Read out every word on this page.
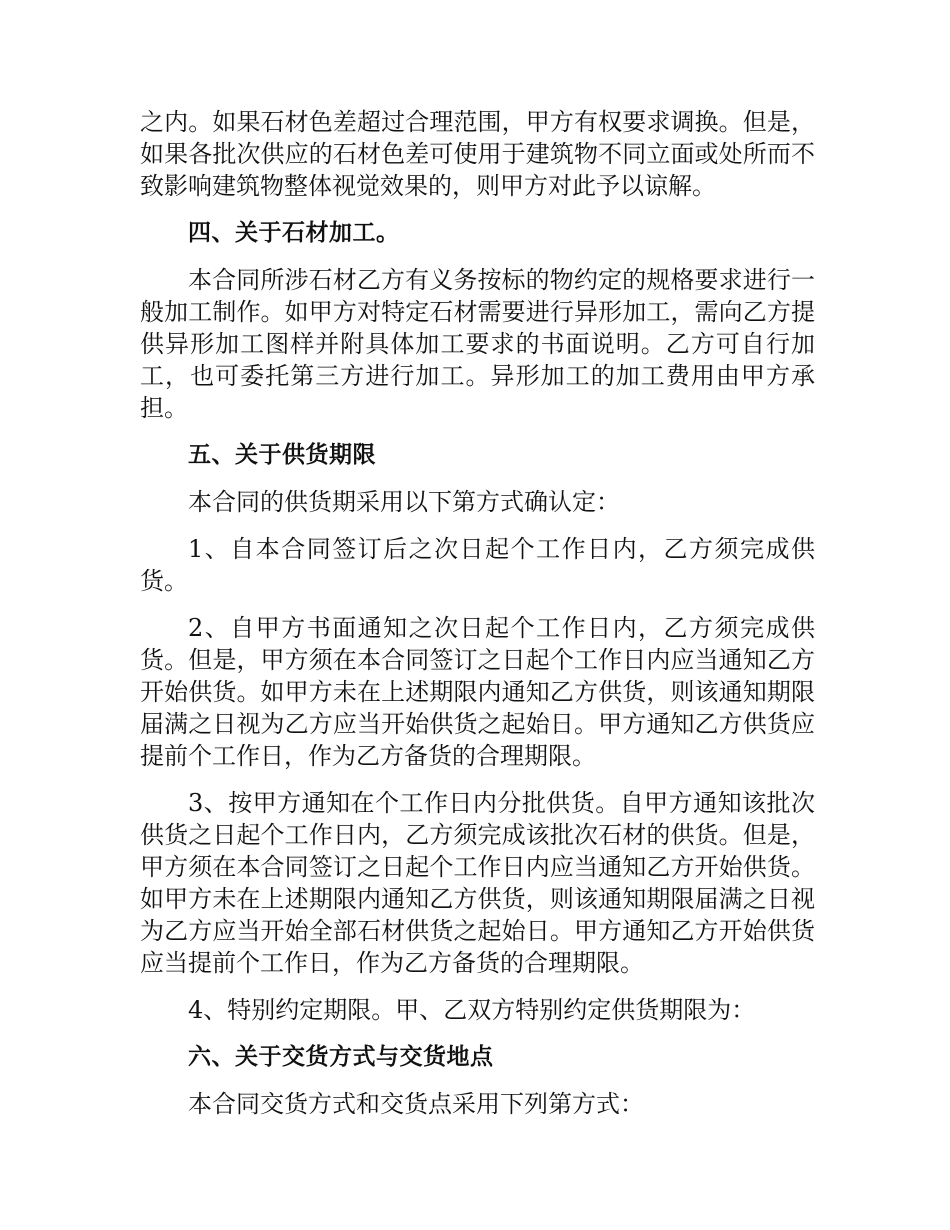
之内。如果石材色差超过合理范围，甲方有权要求调换。但是，如果各批次供应的石材色差可使用于建筑物不同立面或处所而不致影响建筑物整体视觉效果的，则甲方对此予以谅解。

四、关于石材加工。

本合同所涉石材乙方有义务按标的物约定的规格要求进行一般加工制作。如甲方对特定石材需要进行异形加工，需向乙方提供异形加工图样并附具体加工要求的书面说明。乙方可自行加工，也可委托第三方进行加工。异形加工的加工费用由甲方承担。

五、关于供货期限

本合同的供货期采用以下第方式确认定：

1、自本合同签订后之次日起个工作日内，乙方须完成供货。

2、自甲方书面通知之次日起个工作日内，乙方须完成供货。但是，甲方须在本合同签订之日起个工作日内应当通知乙方开始供货。如甲方未在上述期限内通知乙方供货，则该通知期限届满之日视为乙方应当开始供货之起始日。甲方通知乙方供货应提前个工作日，作为乙方备货的合理期限。

3、按甲方通知在个工作日内分批供货。自甲方通知该批次供货之日起个工作日内，乙方须完成该批次石材的供货。但是，甲方须在本合同签订之日起个工作日内应当通知乙方开始供货。如甲方未在上述期限内通知乙方供货，则该通知期限届满之日视为乙方应当开始全部石材供货之起始日。甲方通知乙方开始供货应当提前个工作日，作为乙方备货的合理期限。

4、特别约定期限。甲、乙双方特别约定供货期限为：

六、关于交货方式与交货地点

本合同交货方式和交货点采用下列第方式：
